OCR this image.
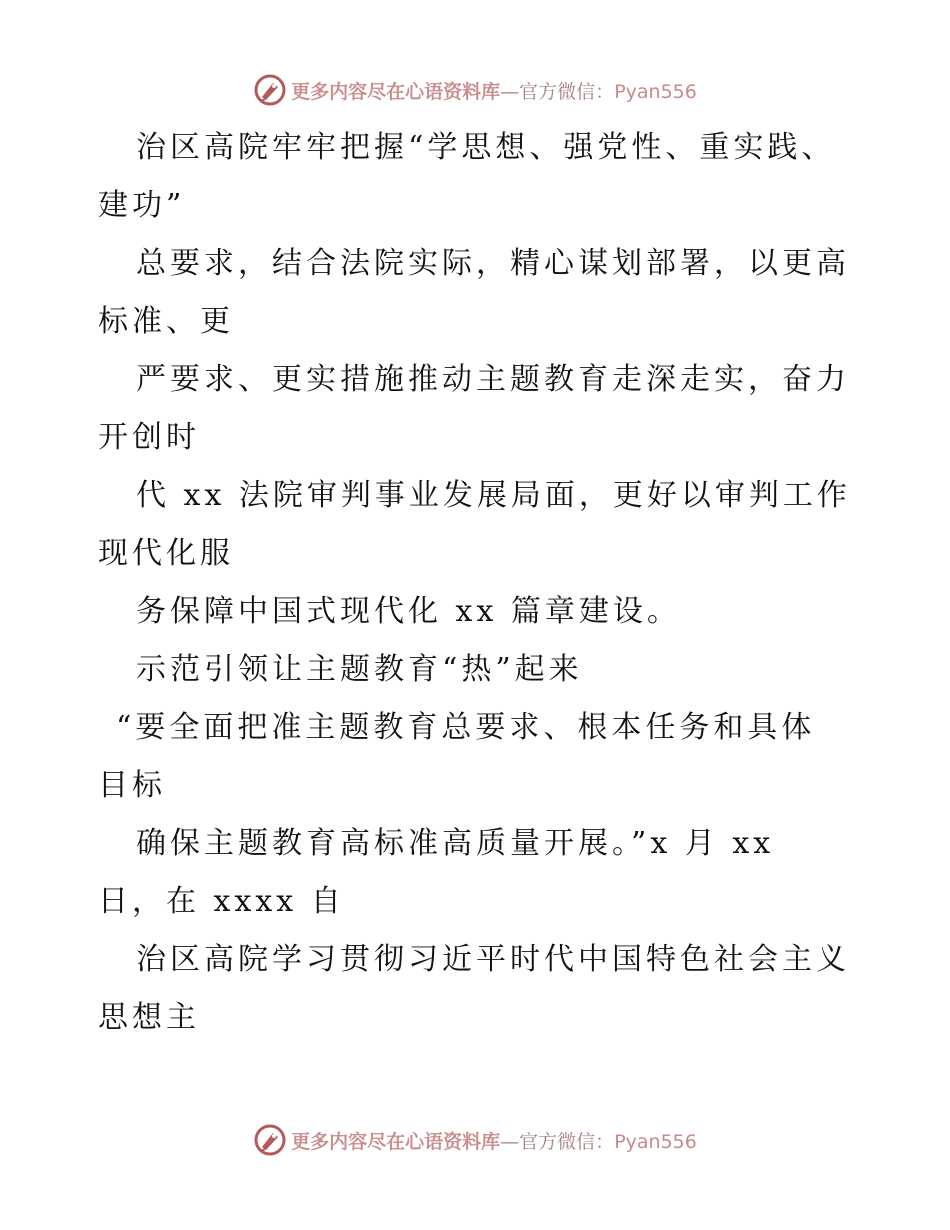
更多内容尽在心语资料库—官方微信：Pyan556
治区高院牢牢把握“学思想、强党性、重实践、
建功”
总要求，结合法院实际，精心谋划部署，以更高
标准、更
严要求、更实措施推动主题教育走深走实，奋力
开创时
代 xx 法院审判事业发展局面，更好以审判工作
现代化服
务保障中国式现代化 xx 篇章建设。
示范引领让主题教育“热”起来
“要全面把准主题教育总要求、根本任务和具体
目标
确保主题教育高标准高质量开展。”x 月 xx
日，在 xxxx 自
治区高院学习贯彻习近平时代中国特色社会主义
思想主
更多内容尽在心语资料库—官方微信：Pyan556
